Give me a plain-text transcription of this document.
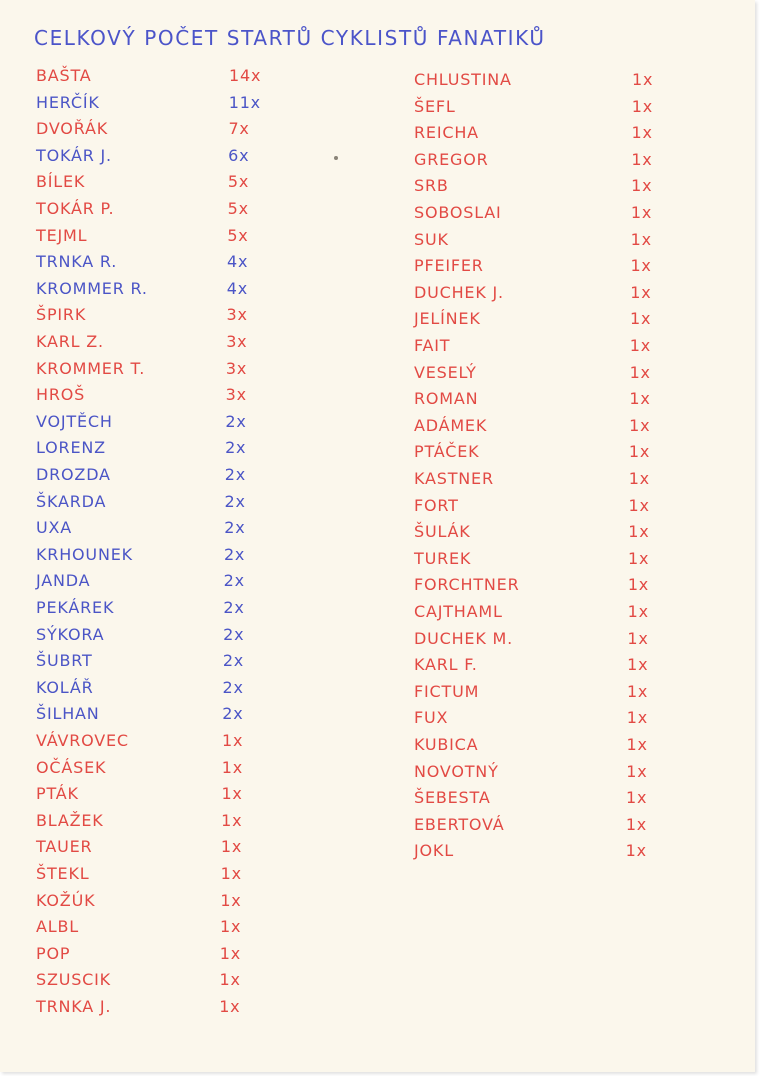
CELKOVÝ POČET STARTŮ CYKLISTŮ FANATIKŮ
BAŠTA	14x
HERČÍK	11x
DVOŘÁK	7x
TOKÁR J.	6x
BÍLEK	5x
TOKÁR P.	5x
TEJML	5x
TRNKA R.	4x
KROMMER R.	4x
ŠPIRK	3x
KARL Z.	3x
KROMMER T.	3x
HROŠ	3x
VOJTĚCH	2x
LORENZ	2x
DROZDA	2x
ŠKARDA	2x
UXA	2x
KRHOUNEK	2x
JANDA	2x
PEKÁREK	2x
SÝKORA	2x
ŠUBRT	2x
KOLÁŘ	2x
ŠILHAN	2x
VÁVROVEC	1x
OČÁSEK	1x
PTÁK	1x
BLAŽEK	1x
TAUER	1x
ŠTEKL	1x
KOŽÚK	1x
ALBL	1x
POP	1x
SZUSCIK	1x
TRNKA J.	1x
CHLUSTINA	1x
ŠEFL	1x
REICHA	1x
GREGOR	1x
SRB	1x
SOBOSLAI	1x
SUK	1x
PFEIFER	1x
DUCHEK J.	1x
JELÍNEK	1x
FAIT	1x
VESELÝ	1x
ROMAN	1x
ADÁMEK	1x
PTÁČEK	1x
KASTNER	1x
FORT	1x
ŠULÁK	1x
TUREK	1x
FORCHTNER	1x
CAJTHAML	1x
DUCHEK M.	1x
KARL F.	1x
FICTUM	1x
FUX	1x
KUBICA	1x
NOVOTNÝ	1x
ŠEBESTA	1x
EBERTOVÁ	1x
JOKL	1x
